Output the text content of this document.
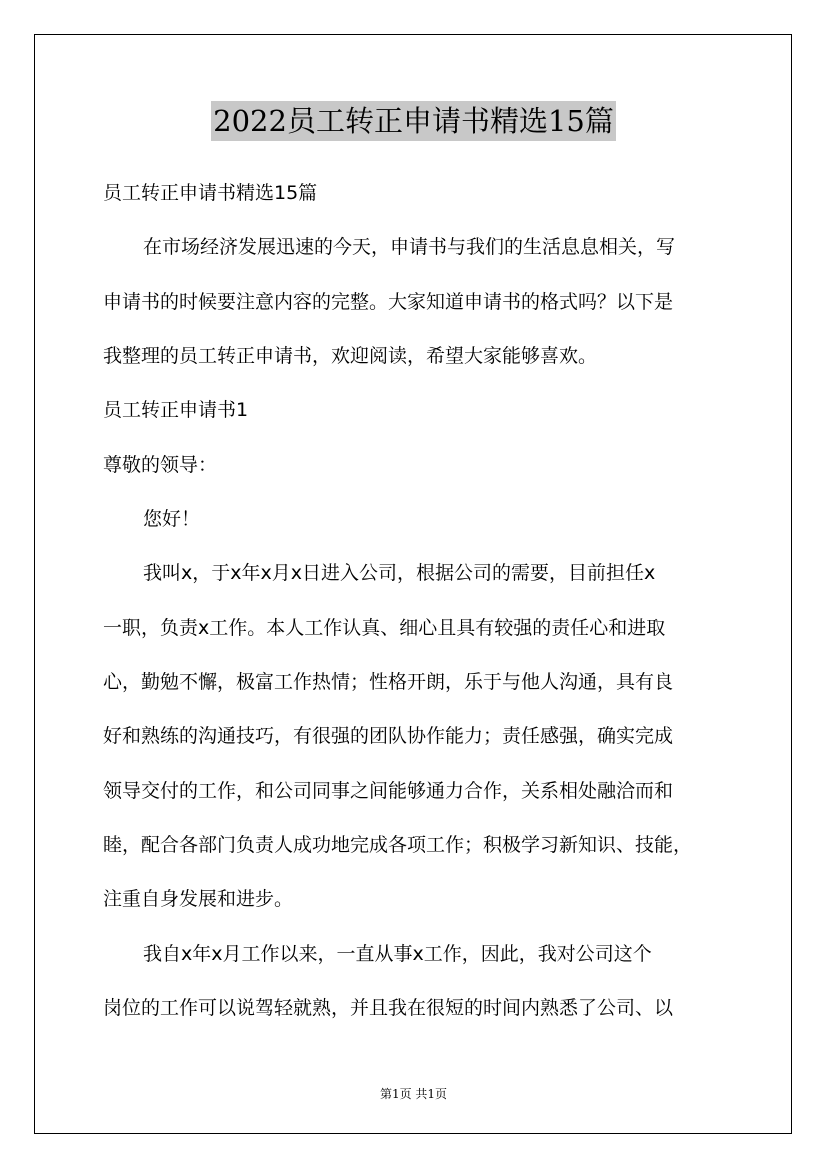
2022员工转正申请书精选15篇
员工转正申请书精选15篇
在市场经济发展迅速的今天，申请书与我们的生活息息相关，写
申请书的时候要注意内容的完整。大家知道申请书的格式吗？以下是
我整理的员工转正申请书，欢迎阅读，希望大家能够喜欢。
员工转正申请书1
尊敬的领导：
您好！
我叫x，于x年x月x日进入公司，根据公司的需要，目前担任x
一职，负责x工作。本人工作认真、细心且具有较强的责任心和进取
心，勤勉不懈，极富工作热情；性格开朗，乐于与他人沟通，具有良
好和熟练的沟通技巧，有很强的团队协作能力；责任感强，确实完成
领导交付的工作，和公司同事之间能够通力合作，关系相处融洽而和
睦，配合各部门负责人成功地完成各项工作；积极学习新知识、技能，
注重自身发展和进步。
我自x年x月工作以来，一直从事x工作，因此，我对公司这个
岗位的工作可以说驾轻就熟，并且我在很短的时间内熟悉了公司、以
第1页 共1页
